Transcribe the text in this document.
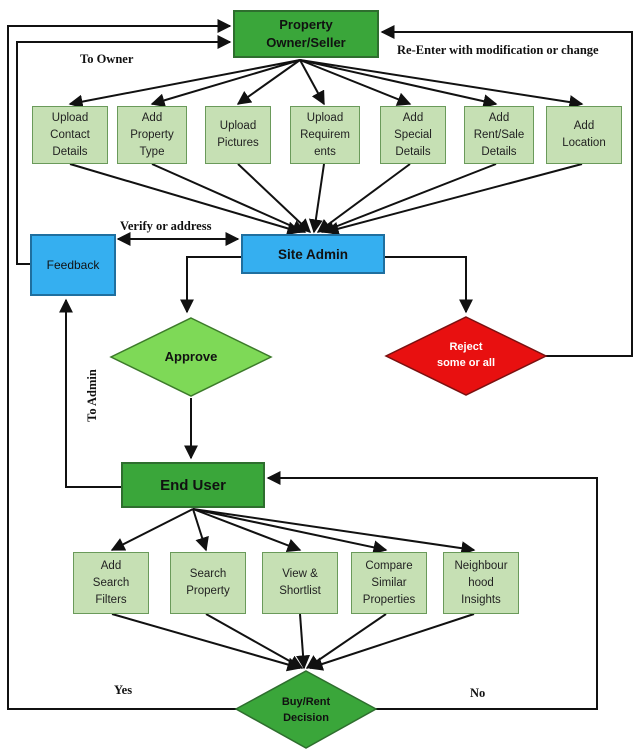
Approve
Reject
some or all
Buy/Rent
Decision
Property
Owner/Seller
Upload
Contact
Details
Add
Property
Type
Upload
Pictures
Upload
Requirem
ents
Add
Special
Details
Add
Rent/Sale
Details
Add
Location
Feedback
Site Admin
End User
Add
Search
Filters
Search
Property
View &
Shortlist
Compare
Similar
Properties
Neighbour
hood
Insights
To Owner
Re-Enter with modification or change
Verify or address
To Admin
Yes	No
